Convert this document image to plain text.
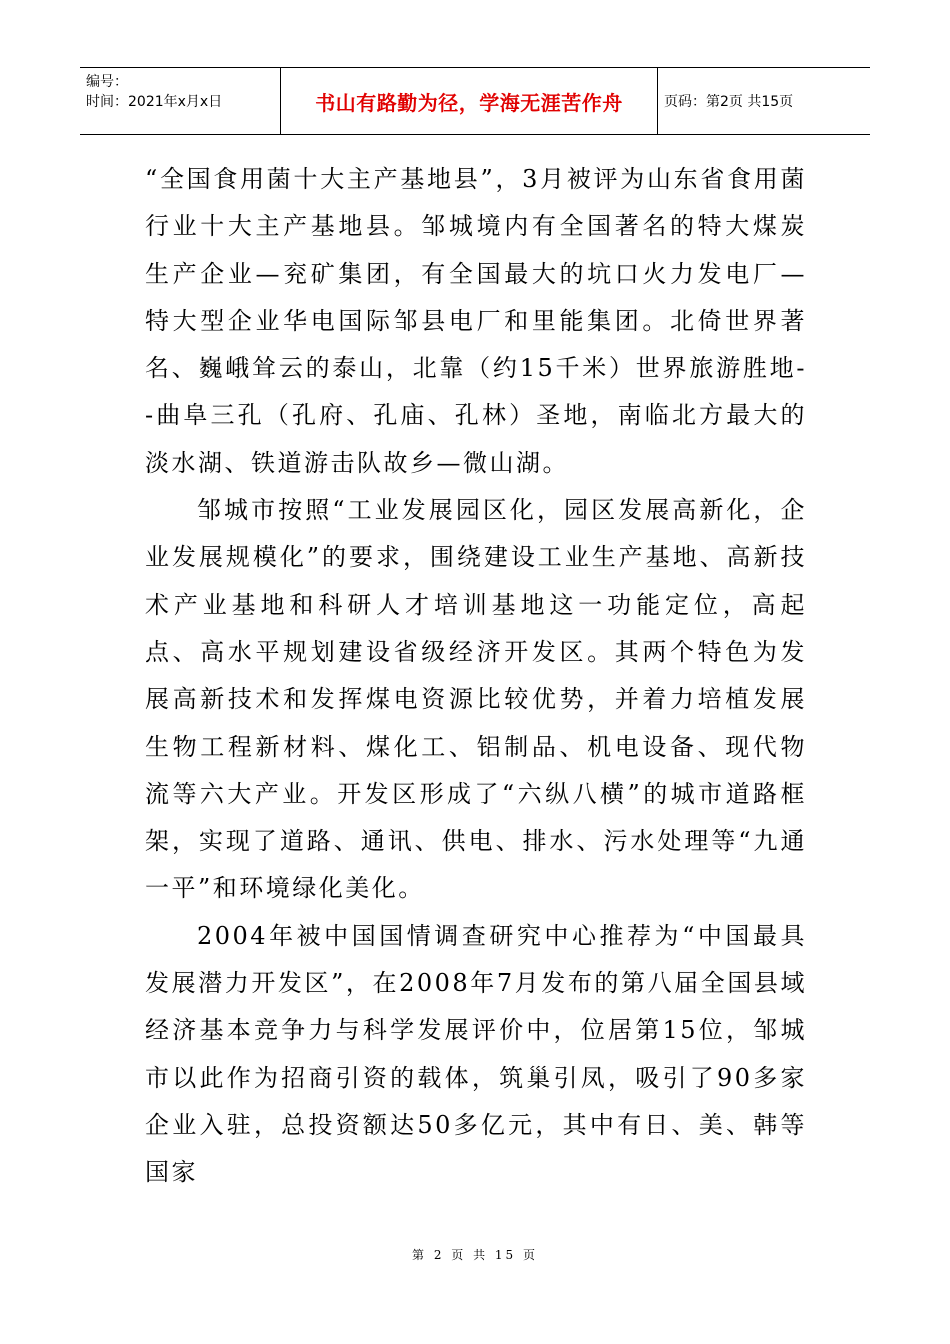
编号：
时间：2021年x月x日	书山有路勤为径，学海无涯苦作舟	页码：第2页 共15页

“全国食用菌十大主产基地县”，3月被评为山东省食用菌行业十大主产基地县。邹城境内有全国著名的特大煤炭生产企业—兖矿集团，有全国最大的坑口火力发电厂—特大型企业华电国际邹县电厂和里能集团。北倚世界著名、巍峨耸云的泰山，北靠（约15千米）世界旅游胜地--曲阜三孔（孔府、孔庙、孔林）圣地，南临北方最大的淡水湖、铁道游击队故乡—微山湖。

邹城市按照“工业发展园区化，园区发展高新化，企业发展规模化”的要求，围绕建设工业生产基地、高新技术产业基地和科研人才培训基地这一功能定位，高起点、高水平规划建设省级经济开发区。其两个特色为发展高新技术和发挥煤电资源比较优势，并着力培植发展生物工程新材料、煤化工、铝制品、机电设备、现代物流等六大产业。开发区形成了“六纵八横”的城市道路框架，实现了道路、通讯、供电、排水、污水处理等“九通一平”和环境绿化美化。

2004年被中国国情调查研究中心推荐为“中国最具发展潜力开发区”，在2008年7月发布的第八届全国县域经济基本竞争力与科学发展评价中，位居第15位，邹城市以此作为招商引资的载体，筑巢引凤，吸引了90多家企业入驻，总投资额达50多亿元，其中有日、美、韩等国家

第 2 页 共 15 页
